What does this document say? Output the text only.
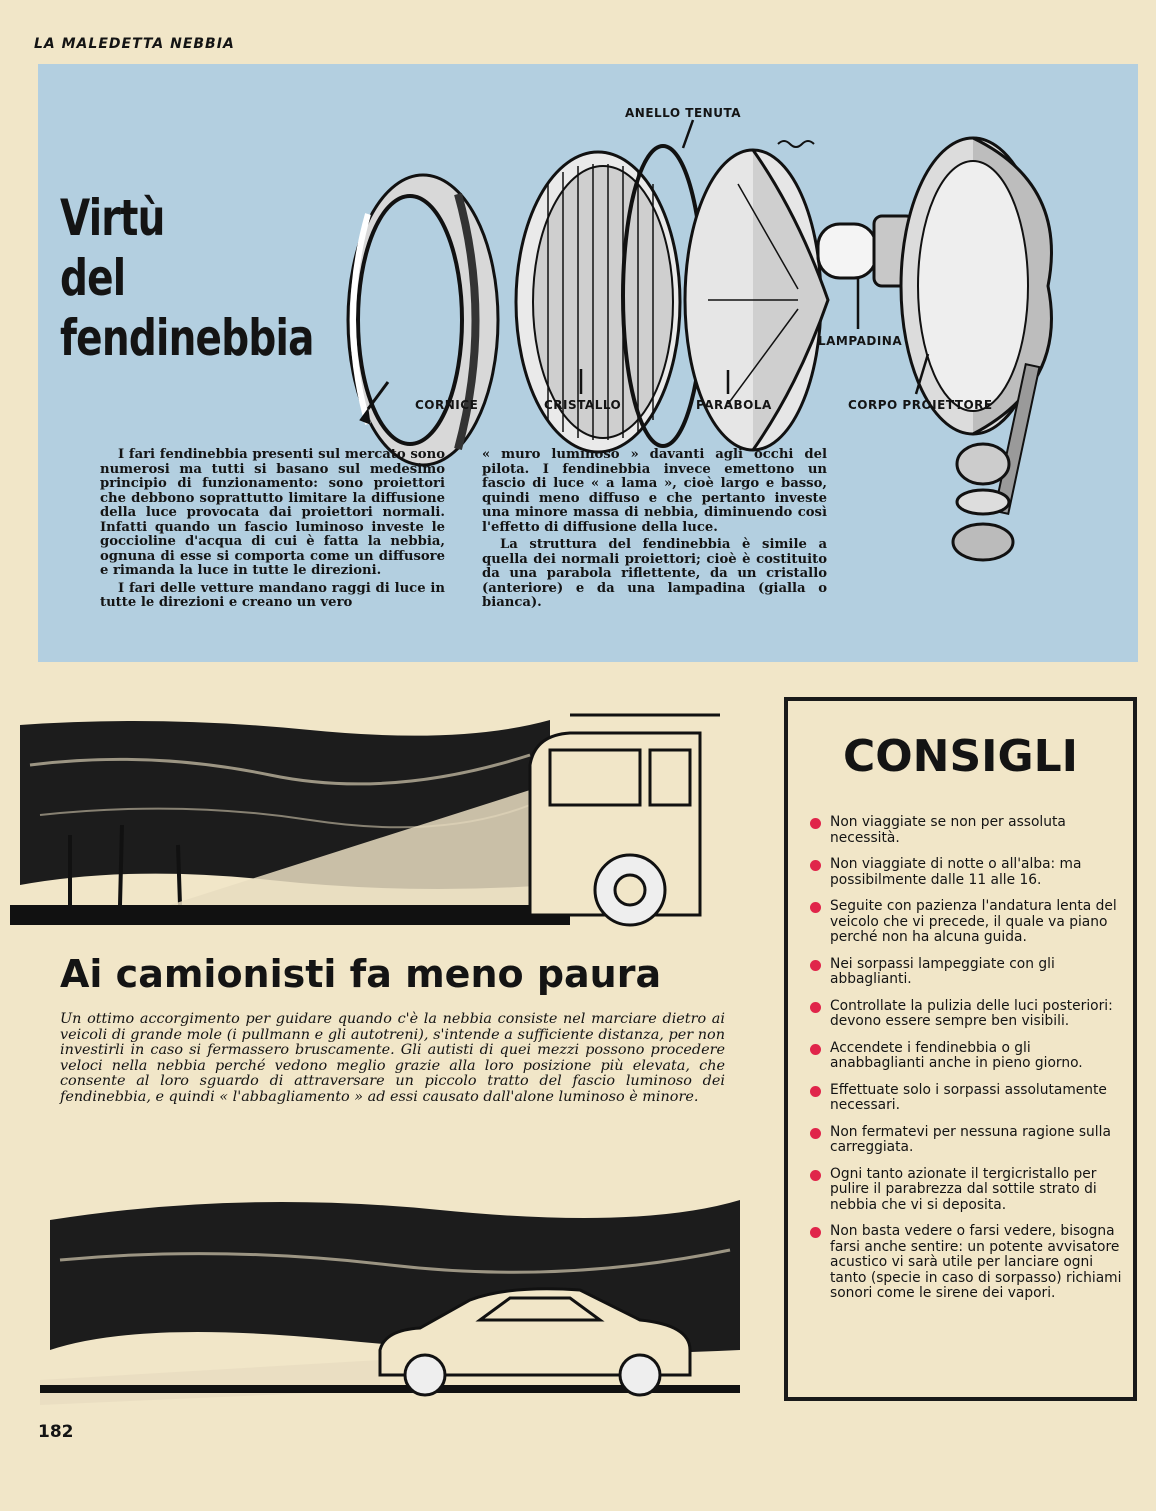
LA MALEDETTA NEBBIA
Virtù
del
fendinebbia
ANELLO TENUTA
CORNICE	CRISTALLO	PARABOLA
LAMPADINA
CORPO PROIETTORE

I fari fendinebbia presenti sul mercato sono numerosi ma tutti si basano sul medesimo principio di funzionamento: sono proiettori che debbono soprattutto limitare la diffusione della luce provocata dai proiettori normali. Infatti quando un fascio luminoso investe le goccioline d'acqua di cui è fatta la nebbia, ognuna di esse si comporta come un diffusore e rimanda la luce in tutte le direzioni.

I fari delle vetture mandano raggi di luce in tutte le direzioni e creano un vero

« muro luminoso » davanti agli occhi del pilota. I fendinebbia invece emettono un fascio di luce « a lama », cioè largo e basso, quindi meno diffuso e che pertanto investe una minore massa di nebbia, diminuendo così l'effetto di diffusione della luce.

La struttura del fendinebbia è simile a quella dei normali proiettori; cioè è costituito da una parabola riflettente, da un cristallo (anteriore) e da una lampadina (gialla o bianca).

Ai camionisti fa meno paura
Un ottimo accorgimento per guidare quando c'è la nebbia consiste nel marciare dietro ai veicoli di grande mole (i pullmann e gli autotreni), s'intende a sufficiente distanza, per non investirli in caso si fermassero bruscamente. Gli autisti di quei mezzi possono procedere veloci nella nebbia perché vedono meglio grazie alla loro posizione più elevata, che consente al loro sguardo di attraversare un piccolo tratto del fascio luminoso dei fendinebbia, e quindi « l'abbagliamento » ad essi causato dall'alone luminoso è minore.
CONSIGLI
Non viaggiate se non per assoluta necessità.
Non viaggiate di notte o all'alba: ma possibilmente dalle 11 alle 16.
Seguite con pazienza l'andatura lenta del veicolo che vi precede, il quale va piano perché non ha alcuna guida.
Nei sorpassi lampeggiate con gli abbaglianti.
Controllate la pulizia delle luci posteriori: devono essere sempre ben visibili.
Accendete i fendinebbia o gli anabbaglianti anche in pieno giorno.
Effettuate solo i sorpassi assolutamente necessari.
Non fermatevi per nessuna ragione sulla carreggiata.
Ogni tanto azionate il tergicristallo per pulire il parabrezza dal sottile strato di nebbia che vi si deposita.
Non basta vedere o farsi vedere, bisogna farsi anche sentire: un potente avvisatore acustico vi sarà utile per lanciare ogni tanto (specie in caso di sorpasso) richiami sonori come le sirene dei vapori.
182
